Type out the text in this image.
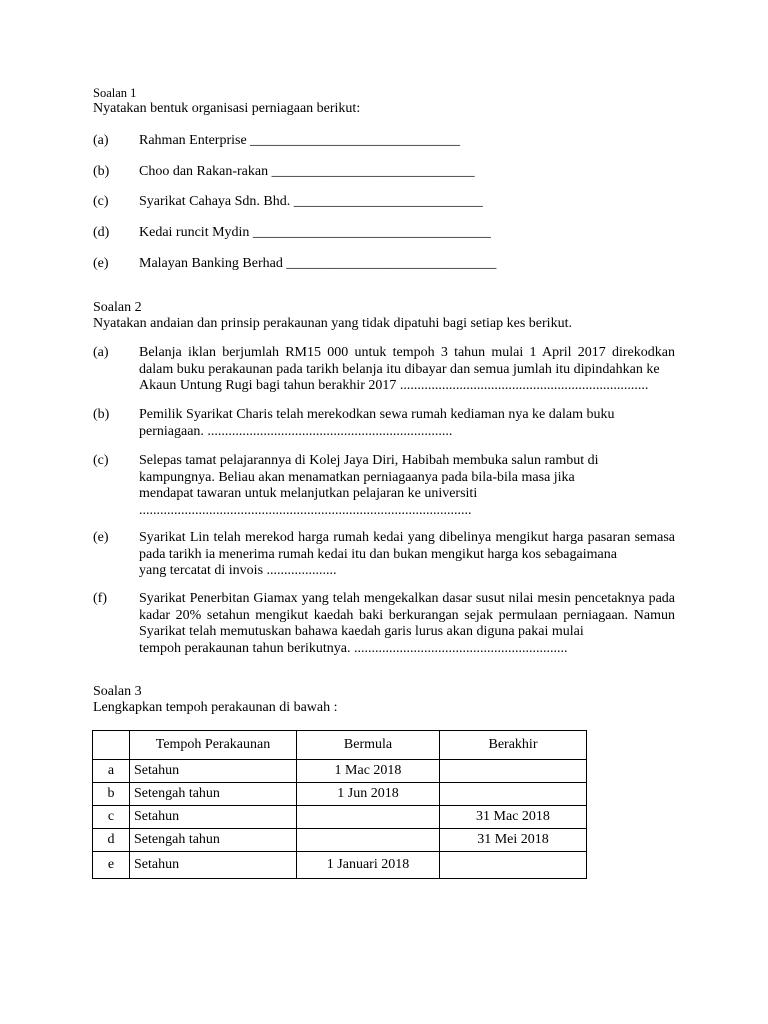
Soalan 1
Nyatakan bentuk organisasi perniagaan berikut:
(a) Rahman Enterprise ______________________________
(b) Choo dan Rakan-rakan _____________________________
(c) Syarikat Cahaya Sdn. Bhd. ___________________________
(d) Kedai runcit Mydin __________________________________
(e) Malayan Banking Berhad ______________________________
Soalan 2
Nyatakan andaian dan prinsip perakaunan yang tidak dipatuhi bagi setiap kes berikut.
(a) Belanja iklan berjumlah RM15 000 untuk tempoh 3 tahun mulai 1 April 2017 direkodkan dalam buku perakaunan pada tarikh belanja itu dibayar dan semua jumlah itu dipindahkan ke
Akaun Untung Rugi bagi tahun berakhir 2017 .......................................................................
(b) Pemilik Syarikat Charis telah merekodkan sewa rumah kediaman nya ke dalam buku
perniagaan. ......................................................................
(c) Selepas tamat pelajarannya di Kolej Jaya Diri, Habibah membuka salun rambut di kampungnya. Beliau akan menamatkan perniagaanya pada bila-bila masa jika mendapat tawaran untuk melanjutkan pelajaran ke universiti
...............................................................................................
(e) Syarikat Lin telah merekod harga rumah kedai yang dibelinya mengikut harga pasaran semasa pada tarikh ia menerima rumah kedai itu dan bukan mengikut harga kos sebagaimana
yang tercatat di invois ....................
(f) Syarikat Penerbitan Giamax yang telah mengekalkan dasar susut nilai mesin pencetaknya pada kadar 20% setahun mengikut kaedah baki berkurangan sejak permulaan perniagaan. Namun Syarikat telah memutuskan bahawa kaedah garis lurus akan diguna pakai mulai
tempoh perakaunan tahun berikutnya. .............................................................
Soalan 3
Lengkapkan tempoh perakaunan di bawah :
	Tempoh Perakaunan	Bermula	Berakhir
a	Setahun	1 Mac 2018	
b	Setengah tahun	1 Jun 2018	
c	Setahun		31 Mac 2018
d	Setengah tahun		31 Mei 2018
e	Setahun	1 Januari 2018	
